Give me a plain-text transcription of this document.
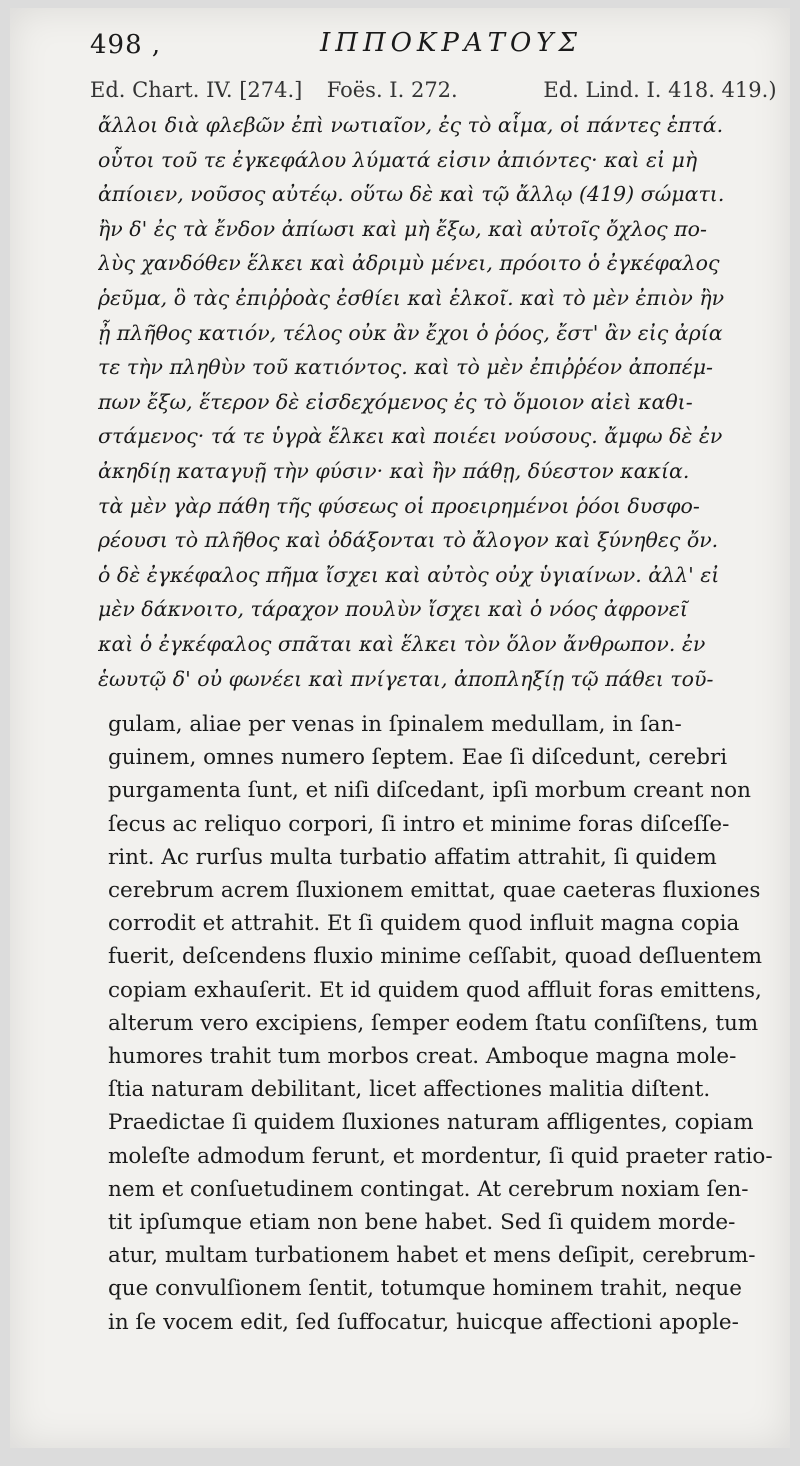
498 ,	ΙΠΠΟΚΡΑΤΟΥΣ
Ed. Chart. IV. [274.] Foës. I. 272.	Ed. Lind. I. 418. 419.)
ἄλλοι διὰ φλεβῶν ἐπὶ νωτιαῖον, ἐς τὸ αἷμα, οἱ πάντες ἑπτά.
οὗτοι τοῦ τε ἐγκεφάλου λύματά εἰσιν ἀπιόντες· καὶ εἰ μὴ
ἀπίοιεν, νοῦσος αὐτέῳ. οὕτω δὲ καὶ τῷ ἄλλῳ (419) σώματι.
ἢν δ' ἐς τὰ ἔνδον ἀπίωσι καὶ μὴ ἔξω, καὶ αὐτοῖς ὄχλος πο-
λὺς χανδόθεν ἕλκει καὶ ἀδριμὺ μένει, πρόοιτο ὁ ἐγκέφαλος
ῥεῦμα, ὃ τὰς ἐπιῤῥοὰς ἐσθίει καὶ ἑλκοῖ. καὶ τὸ μὲν ἐπιὸν ἢν
ᾖ πλῆθος κατιόν, τέλος οὐκ ἂν ἔχοι ὁ ῥόος, ἔστ' ἂν εἰς ἀρία
τε τὴν πληθὺν τοῦ κατιόντος. καὶ τὸ μὲν ἐπιῤῥέον ἀποπέμ-
πων ἔξω, ἕτερον δὲ εἰσδεχόμενος ἐς τὸ ὅμοιον αἰεὶ καθι-
στάμενος· τά τε ὑγρὰ ἕλκει καὶ ποιέει νούσους. ἄμφω δὲ ἐν
ἀκηδίῃ καταγυῇ τὴν φύσιν· καὶ ἢν πάθῃ, δύεστον κακία.
τὰ μὲν γὰρ πάθη τῆς φύσεως οἱ προειρημένοι ῥόοι δυσφο-
ρέουσι τὸ πλῆθος καὶ ὀδάξονται τὸ ἄλογον καὶ ξύνηθες ὄν.
ὁ δὲ ἐγκέφαλος πῆμα ἴσχει καὶ αὐτὸς οὐχ ὑγιαίνων. ἀλλ' εἰ
μὲν δάκνοιτο, τάραχον πουλὺν ἴσχει καὶ ὁ νόος ἀφρονεῖ
καὶ ὁ ἐγκέφαλος σπᾶται καὶ ἕλκει τὸν ὅλον ἄνθρωπον. ἐν
ἑωυτῷ δ' οὐ φωνέει καὶ πνίγεται, ἀποπληξίῃ τῷ πάθει τοῦ-
gulam, aliae per venas in ſpinalem medullam, in ſan-
guinem, omnes numero ſeptem. Eae ſi diſcedunt, cerebri
purgamenta ſunt, et niſi diſcedant, ipſi morbum creant non
ſecus ac reliquo corpori, ſi intro et minime foras diſceſſe-
rint. Ac rurſus multa turbatio affatim attrahit, ſi quidem
cerebrum acrem ſluxionem emittat, quae caeteras fluxiones
corrodit et attrahit. Et ſi quidem quod influit magna copia
fuerit, deſcendens fluxio minime ceſſabit, quoad deſluentem
copiam exhauſerit. Et id quidem quod affluit foras emittens,
alterum vero excipiens, ſemper eodem ſtatu conſiſtens, tum
humores trahit tum morbos creat. Amboque magna mole-
ſtia naturam debilitant, licet affectiones malitia diſtent.
Praedictae ſi quidem ſluxiones naturam affligentes, copiam
moleſte admodum ferunt, et mordentur, ſi quid praeter ratio-
nem et conſuetudinem contingat. At cerebrum noxiam ſen-
tit ipſumque etiam non bene habet. Sed ſi quidem morde-
atur, multam turbationem habet et mens deſipit, cerebrum-
que convulſionem ſentit, totumque hominem trahit, neque
in ſe vocem edit, ſed ſuffocatur, huicque affectioni apople-
